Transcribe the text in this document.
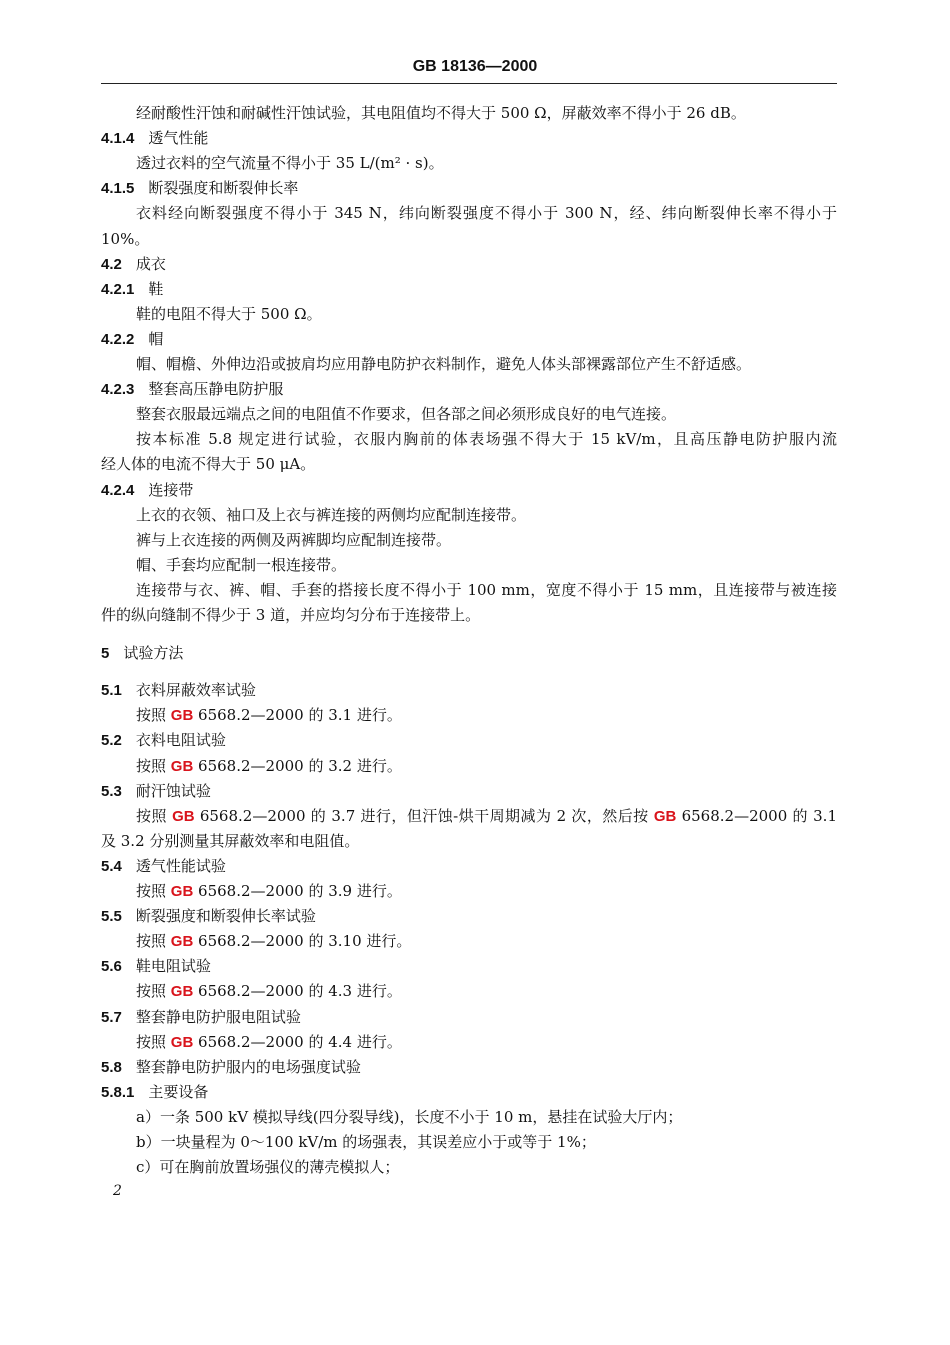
GB 18136—2000
经耐酸性汗蚀和耐碱性汗蚀试验，其电阻值均不得大于 500 Ω，屏蔽效率不得小于 26 dB。
4.1.4 透气性能
透过衣料的空气流量不得小于 35 L/(m² · s)。
4.1.5 断裂强度和断裂伸长率
衣料经向断裂强度不得小于 345 N，纬向断裂强度不得小于 300 N，经、纬向断裂伸长率不得小于
10%。
4.2 成衣
4.2.1 鞋
鞋的电阻不得大于 500 Ω。
4.2.2 帽
帽、帽檐、外伸边沿或披肩均应用静电防护衣料制作，避免人体头部裸露部位产生不舒适感。
4.2.3 整套高压静电防护服
整套衣服最远端点之间的电阻值不作要求，但各部之间必须形成良好的电气连接。
按本标准 5.8 规定进行试验，衣服内胸前的体表场强不得大于 15 kV/m，且高压静电防护服内流
经人体的电流不得大于 50 μA。
4.2.4 连接带
上衣的衣领、袖口及上衣与裤连接的两侧均应配制连接带。
裤与上衣连接的两侧及两裤脚均应配制连接带。
帽、手套均应配制一根连接带。
连接带与衣、裤、帽、手套的搭接长度不得小于 100 mm，宽度不得小于 15 mm，且连接带与被连接
件的纵向缝制不得少于 3 道，并应均匀分布于连接带上。
5 试验方法
5.1 衣料屏蔽效率试验
按照 GB 6568.2—2000 的 3.1 进行。
5.2 衣料电阻试验
按照 GB 6568.2—2000 的 3.2 进行。
5.3 耐汗蚀试验
按照 GB 6568.2—2000 的 3.7 进行，但汗蚀-烘干周期减为 2 次，然后按 GB 6568.2—2000 的 3.1
及 3.2 分别测量其屏蔽效率和电阻值。
5.4 透气性能试验
按照 GB 6568.2—2000 的 3.9 进行。
5.5 断裂强度和断裂伸长率试验
按照 GB 6568.2—2000 的 3.10 进行。
5.6 鞋电阻试验
按照 GB 6568.2—2000 的 4.3 进行。
5.7 整套静电防护服电阻试验
按照 GB 6568.2—2000 的 4.4 进行。
5.8 整套静电防护服内的电场强度试验
5.8.1 主要设备
a）一条 500 kV 模拟导线(四分裂导线)，长度不小于 10 m，悬挂在试验大厅内；
b）一块量程为 0～100 kV/m 的场强表，其误差应小于或等于 1%；
c）可在胸前放置场强仪的薄壳模拟人；
2
